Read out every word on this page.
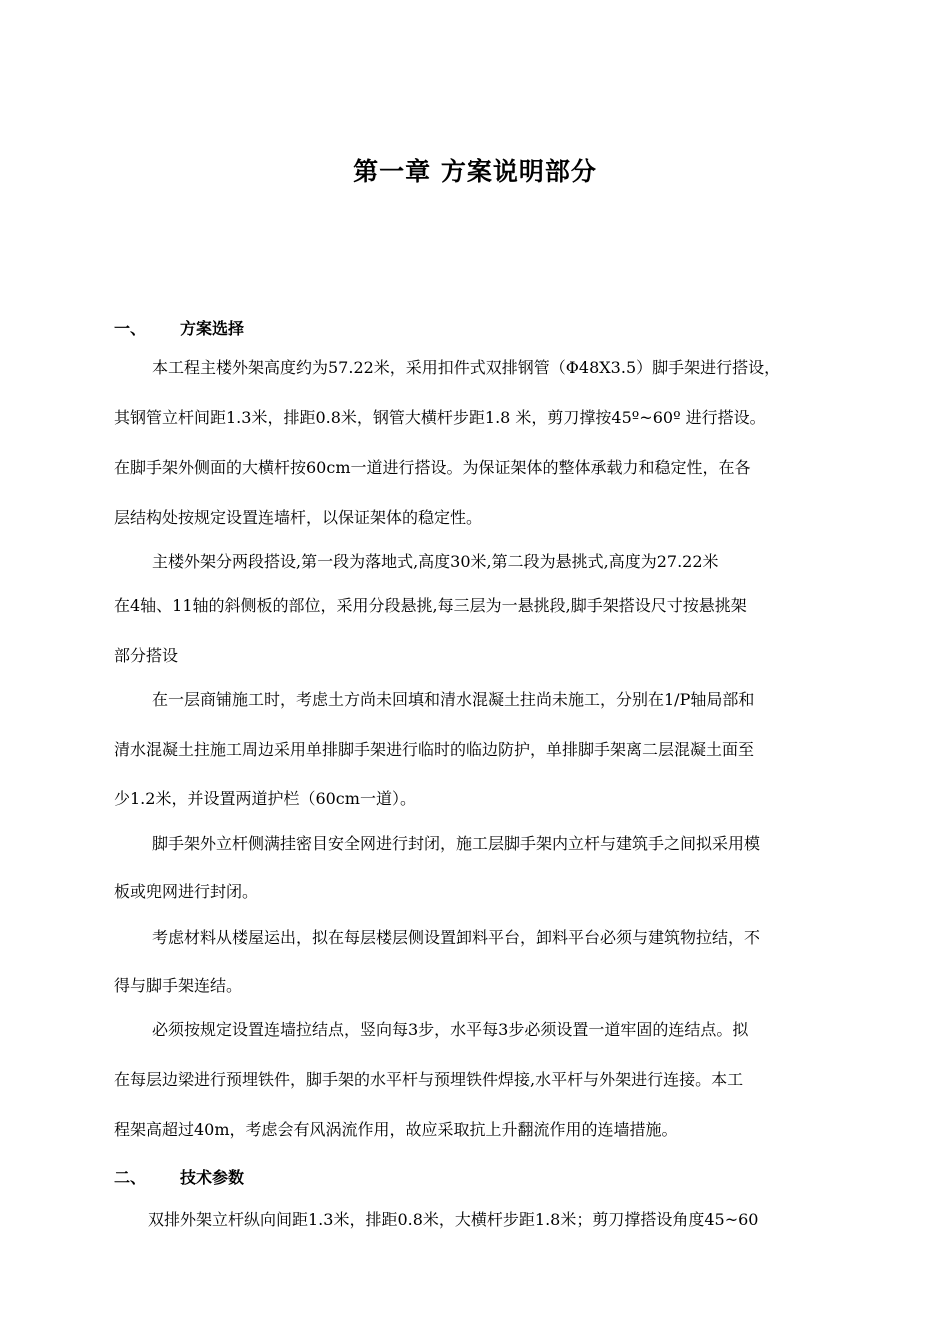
第一章 方案说明部分
一、 方案选择
本工程主楼外架高度约为57.22米，采用扣件式双排钢管（Φ48X3.5）脚手架进行搭设，
其钢管立杆间距1.3米，排距0.8米，钢管大横杆步距1.8 米，剪刀撑按45º~60º 进行搭设。
在脚手架外侧面的大横杆按60cm一道进行搭设。为保证架体的整体承载力和稳定性，在各
层结构处按规定设置连墙杆，以保证架体的稳定性。
主楼外架分两段搭设,第一段为落地式,高度30米,第二段为悬挑式,高度为27.22米
在4轴、11轴的斜侧板的部位，采用分段悬挑,每三层为一悬挑段,脚手架搭设尺寸按悬挑架
部分搭设
在一层商铺施工时，考虑土方尚未回填和清水混凝土拄尚未施工，分别在1/P轴局部和
清水混凝土拄施工周边采用单排脚手架进行临时的临边防护，单排脚手架离二层混凝土面至
少1.2米，并设置两道护栏（60cm一道）。
脚手架外立杆侧满挂密目安全网进行封闭，施工层脚手架内立杆与建筑手之间拟采用模
板或兜网进行封闭。
考虑材料从楼屋运出，拟在每层楼层侧设置卸料平台，卸料平台必须与建筑物拉结，不
得与脚手架连结。
必须按规定设置连墙拉结点，竖向每3步，水平每3步必须设置一道牢固的连结点。拟
在每层边梁进行预埋铁件，脚手架的水平杆与预埋铁件焊接,水平杆与外架进行连接。本工
程架高超过40m，考虑会有风涡流作用，故应采取抗上升翻流作用的连墙措施。
二、 技术参数
双排外架立杆纵向间距1.3米，排距0.8米，大横杆步距1.8米；剪刀撑搭设角度45~60
